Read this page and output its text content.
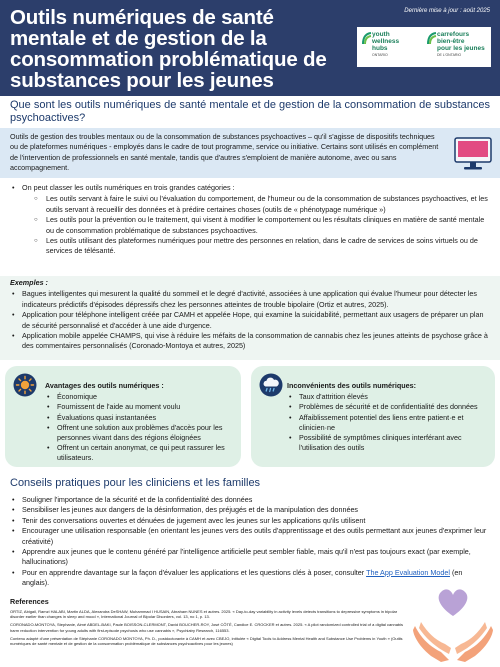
Outils numériques de santé mentale et de gestion de la consommation problématique de substances pour les jeunes
Dernière mise à jour : août 2025
youth
wellness
hubs
ONTARIO
carrefours
bien-être
pour les jeunes
DE L'ONTARIO
Que sont les outils numériques de santé mentale et de gestion de la consommation de substances psychoactives?
Outils de gestion des troubles mentaux ou de la consommation de substances psychoactives – qu'il s'agisse de dispositifs techniques ou de plateformes numériques - employés dans le cadre de tout programme, service ou initiative. Certains sont utilisés en complément de l'intervention de professionnels en santé mentale, tandis que d'autres s'emploient de manière autonome, avec ou sans accompagnement.
• On peut classer les outils numériques en trois grandes catégories :
○ Les outils servant à faire le suivi ou l'évaluation du comportement, de l'humeur ou de la consommation de substances psychoactives, et les outils servant à recueillir des données et à prédire certaines choses (outils de « phénotypage numérique »)
○ Les outils pour la prévention ou le traitement, qui visent à modifier le comportement ou les résultats cliniques en matière de santé mentale ou de consommation problématique de substances psychoactives.
○ Les outils utilisant des plateformes numériques pour mettre des personnes en relation, dans le cadre de services de soins virtuels ou de services de télésanté.
Exemples :
• Bagues intelligentes qui mesurent la qualité du sommeil et le degré d'activité, associées à une application qui évalue l'humeur pour détecter les indicateurs prédictifs d'épisodes dépressifs chez les personnes atteintes de trouble bipolaire (Ortiz et autres, 2025).
• Application pour téléphone intelligent créée par CAMH et appelée Hope, qui examine la suicidabilité, permettant aux usagers de préparer un plan de sécurité personnalisé et d'accéder à une aide d'urgence.
• Application mobile appelée CHAMPS, qui vise à réduire les méfaits de la consommation de cannabis chez les jeunes atteints de psychose grâce à des commentaires personnalisés (Coronado-Montoya et autres, 2025)
Avantages des outils numériques :
• Économique
• Fournissent de l'aide au moment voulu
• Évaluations quasi instantanées
• Offrent une solution aux problèmes d'accès pour les personnes vivant dans des régions éloignées
• Offrent un certain anonymat, ce qui peut rassurer les utilisateurs.
Inconvénients des outils numériques:
• Taux d'attrition élevés
• Problèmes de sécurité et de confidentialité des données
• Affaiblissement potentiel des liens entre patient·e et clinicien·ne
• Possibilité de symptômes cliniques interférant avec l'utilisation des outils
Conseils pratiques pour les cliniciens et les familles
• Souligner l'importance de la sécurité et de la confidentialité des données
• Sensibiliser les jeunes aux dangers de la désinformation, des préjugés et de la manipulation des données
• Tenir des conversations ouvertes et dénuées de jugement avec les jeunes sur les applications qu'ils utilisent
• Encourager une utilisation responsable (en orientant les jeunes vers des outils d'apprentissage et des outils permettant aux jeunes d'exprimer leur créativité)
• Apprendre aux jeunes que le contenu généré par l'intelligence artificielle peut sembler fiable, mais qu'il n'est pas toujours exact (par exemple, hallucinations)
• Pour en apprendre davantage sur la façon d'évaluer les applications et les questions clés à poser, consulter The App Evaluation Model (en anglais).
References
ORTIZ, Abigail, Ramzi HALABI, Martin ALDA, Alexandra DeSHAW, Muhammad I HUSAIN, Abraham NUNES et autres. 2025. « Day-to-day variability in activity levels detects transitions to depressive symptoms in bipolar disorder earlier than changes in sleep and mood », International Journal of Bipolar Disorders, vol. 13, no 1, p. 13.
CORONADO-MONTOYA, Stephanie, Aimé ABDEL-BAKI, Paule BOISSON-CLERMONT, David BOUCHER-ROY, José CÔTÉ, Candice E. CROCKER et autres. 2025. « A pilot randomized controlled trial of a digital cannabis harm reduction intervention for young adults with first-episode psychosis who use cannabis », Psychiatry Research, 116553.
Contenu adapté d'une présentation de Stéphanie CORONADO MONTOYA, Ph. D., postdoctorante à CAMH et avec CBEJO, intitulée « Digital Tools to Address Mental Health and Substance Use Problems in Youth » (Outils numériques de santé mentale et de gestion de la consommation problématique de substances psychoactives pour les jeunes)
